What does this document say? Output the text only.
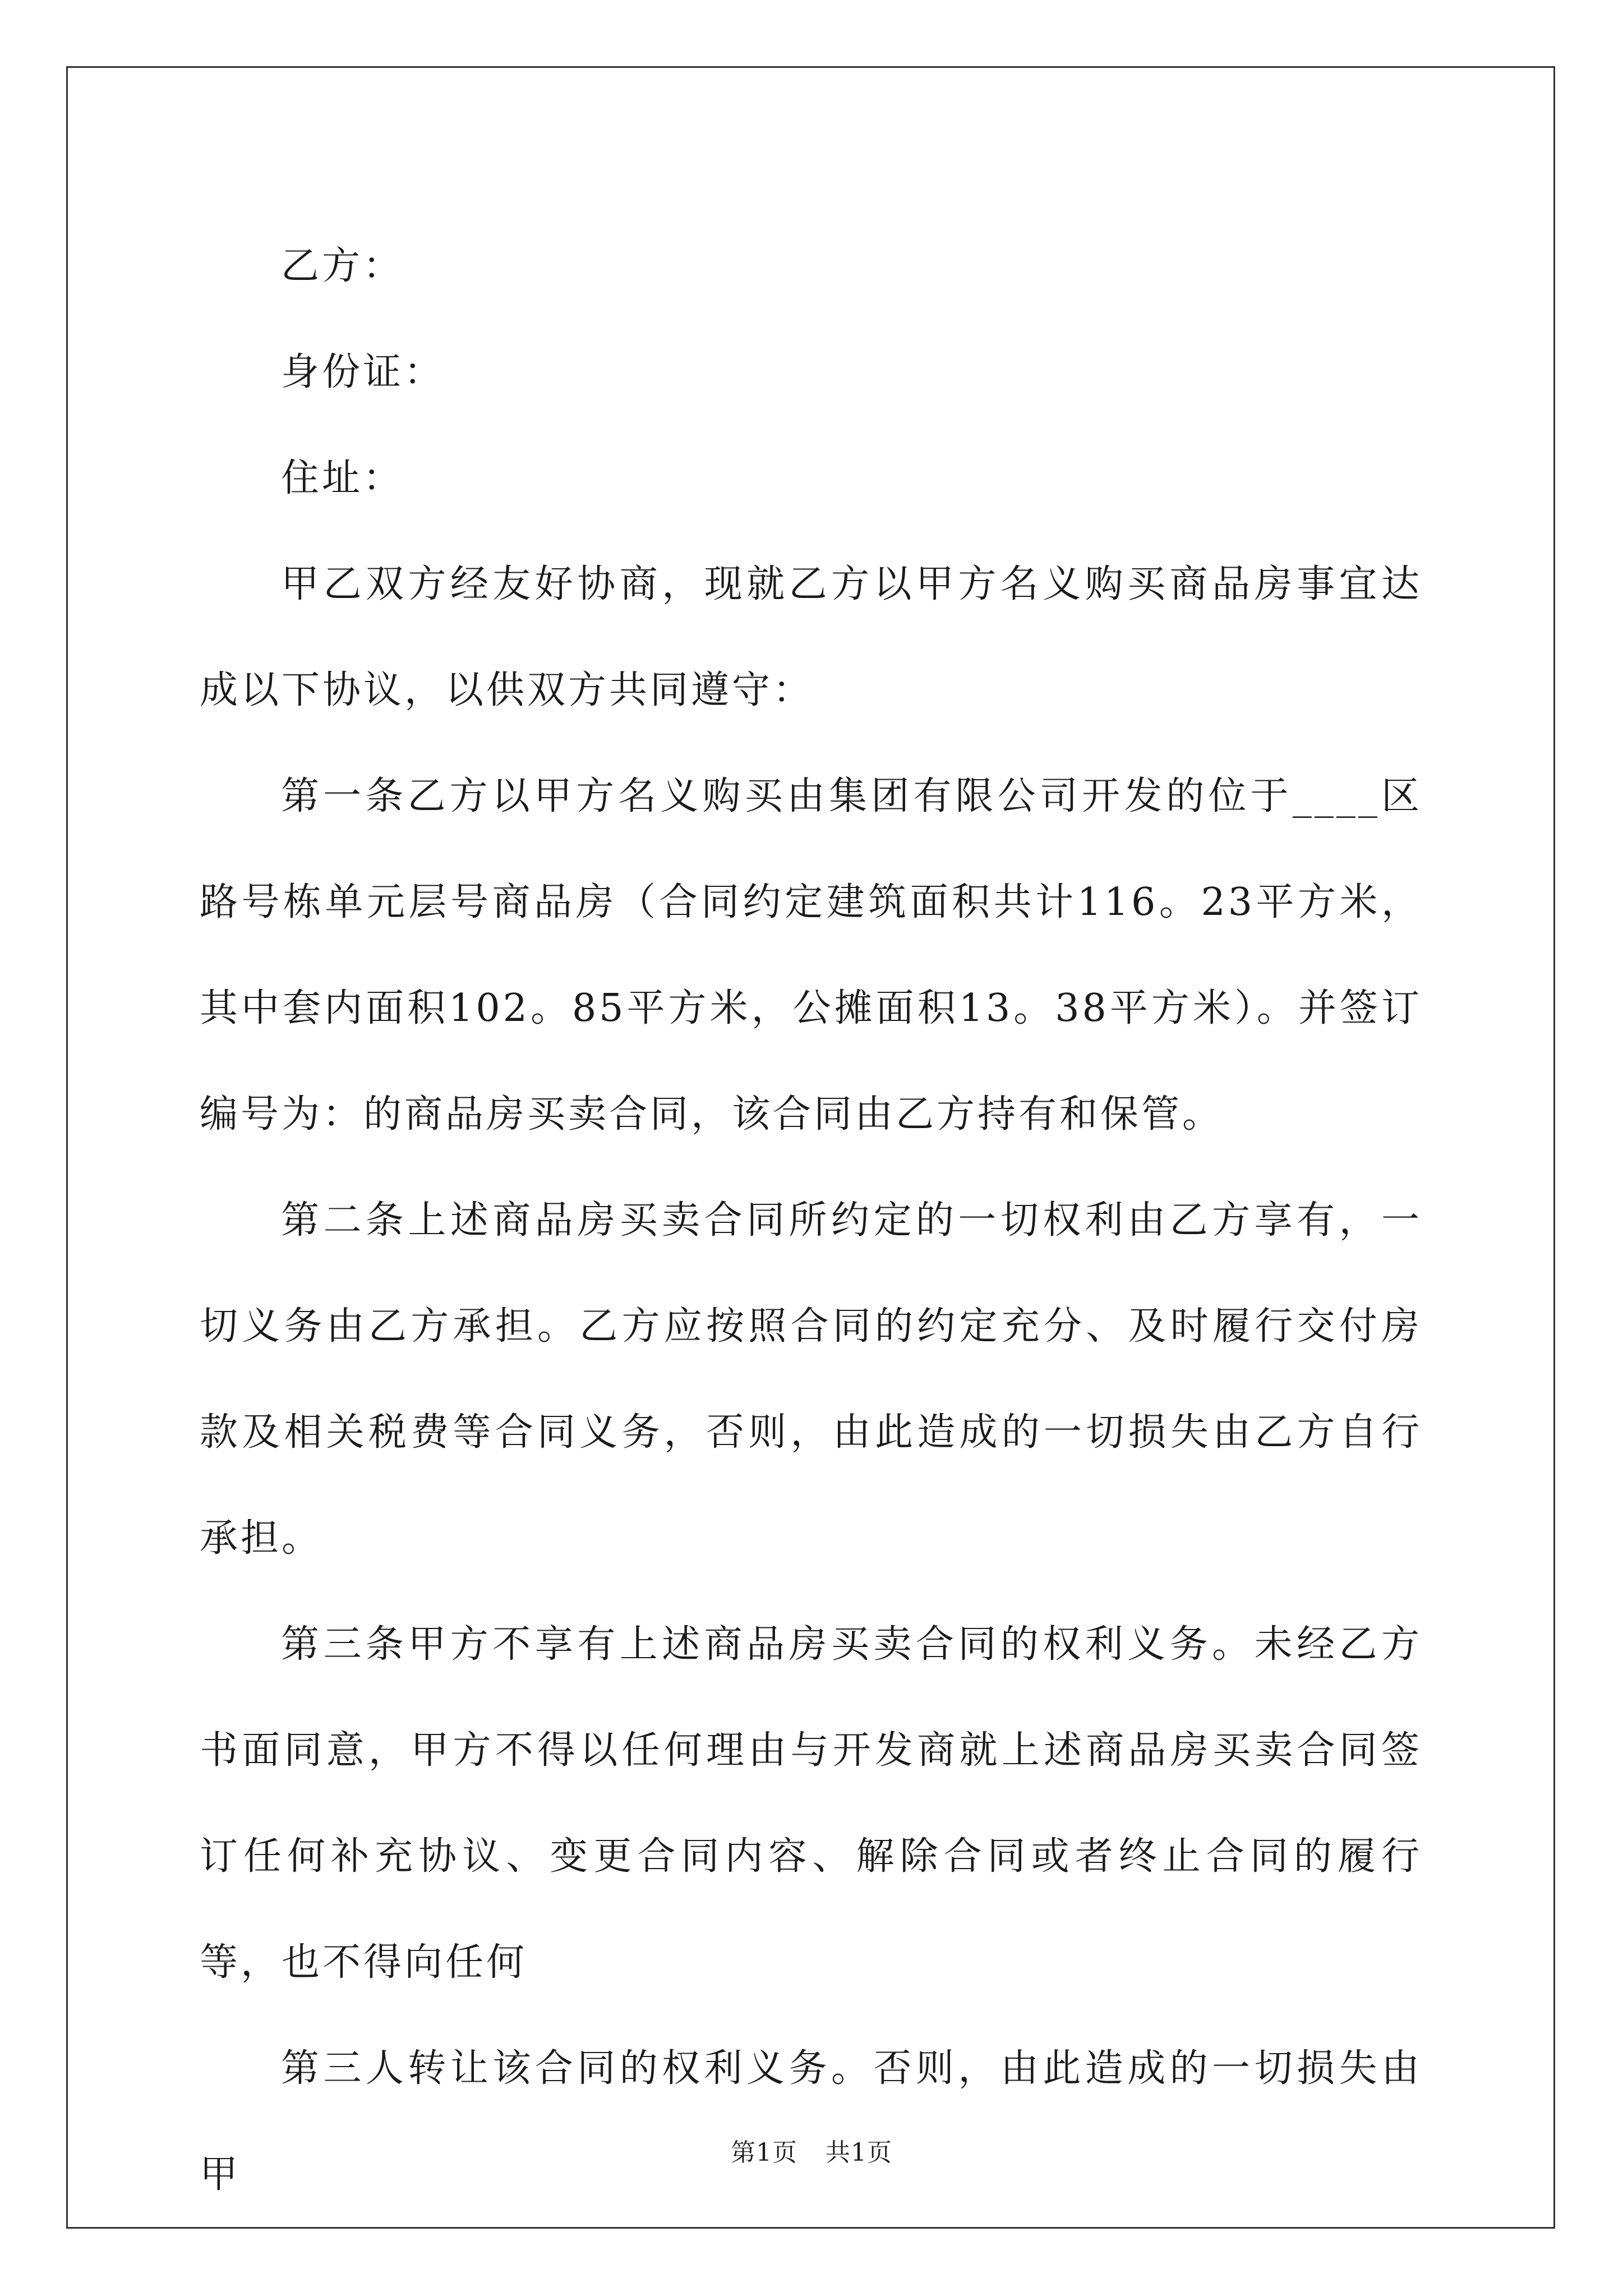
乙方：

身份证：

住址：

甲乙双方经友好协商，现就乙方以甲方名义购买商品房事宜达成以下协议，以供双方共同遵守：

第一条乙方以甲方名义购买由集团有限公司开发的位于____区路号栋单元层号商品房（合同约定建筑面积共计116。23平方米，其中套内面积102。85平方米，公摊面积13。38平方米）。并签订编号为：的商品房买卖合同，该合同由乙方持有和保管。

第二条上述商品房买卖合同所约定的一切权利由乙方享有，一切义务由乙方承担。乙方应按照合同的约定充分、及时履行交付房款及相关税费等合同义务，否则，由此造成的一切损失由乙方自行承担。

第三条甲方不享有上述商品房买卖合同的权利义务。未经乙方书面同意，甲方不得以任何理由与开发商就上述商品房买卖合同签订任何补充协议、变更合同内容、解除合同或者终止合同的履行等，也不得向任何

第三人转让该合同的权利义务。否则，由此造成的一切损失由甲	第1页 共1页
